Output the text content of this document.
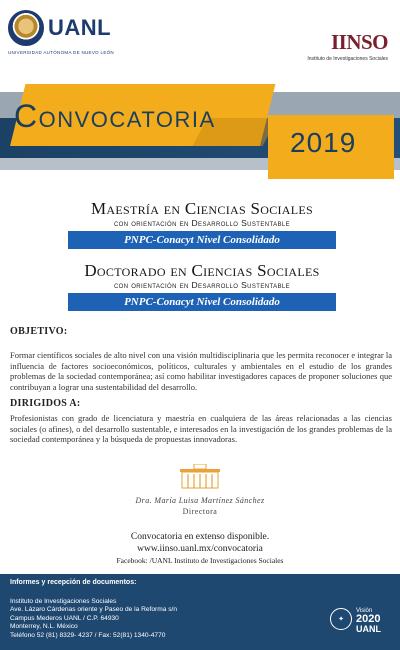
UANL
UNIVERSIDAD AUTÓNOMA DE NUEVO LEÓN	IINSO
Instituto de Investigaciones Sociales
Convocatoria
2019
Maestría en Ciencias Sociales
con orientación en Desarrollo Sustentable
PNPC-Conacyt Nivel Consolidado
Doctorado en Ciencias Sociales
con orientación en Desarrollo Sustentable
PNPC-Conacyt Nivel Consolidado
OBJETIVO:
Formar científicos sociales de alto nivel con una visión multidisciplinaria que les permita reconocer e integrar la influencia de factores socioeconómicos, políticos, culturales y ambientales en el estudio de los grandes problemas de la sociedad contemporánea; así como habilitar investigadores capaces de proponer soluciones que contribuyan a lograr una sustentabilidad del desarrollo.
DIRIGIDOS A:
Profesionistas con grado de licenciatura y maestría en cualquiera de las áreas relacionadas a las ciencias sociales (o afines), o del desarrollo sustentable, e interesados en la investigación de los grandes problemas de la sociedad contemporánea y la búsqueda de propuestas innovadoras.
Dra. María Luisa Martínez Sánchez
Directora
Convocatoria en extenso disponible.
www.iinso.uanl.mx/convocatoria
Facebook: /UANL Instituto de Investigaciones Sociales
Informes y recepción de documentos:
Instituto de Investigaciones Sociales
Ave. Lázaro Cárdenas oriente y Paseo de la Reforma s/n
Campus Mederos UANL / C.P. 64930
Monterrey, N.L. México
Teléfono 52 (81) 8329- 4237 / Fax: 52(81) 1340-4770
✦
Visión
2020
UANL
